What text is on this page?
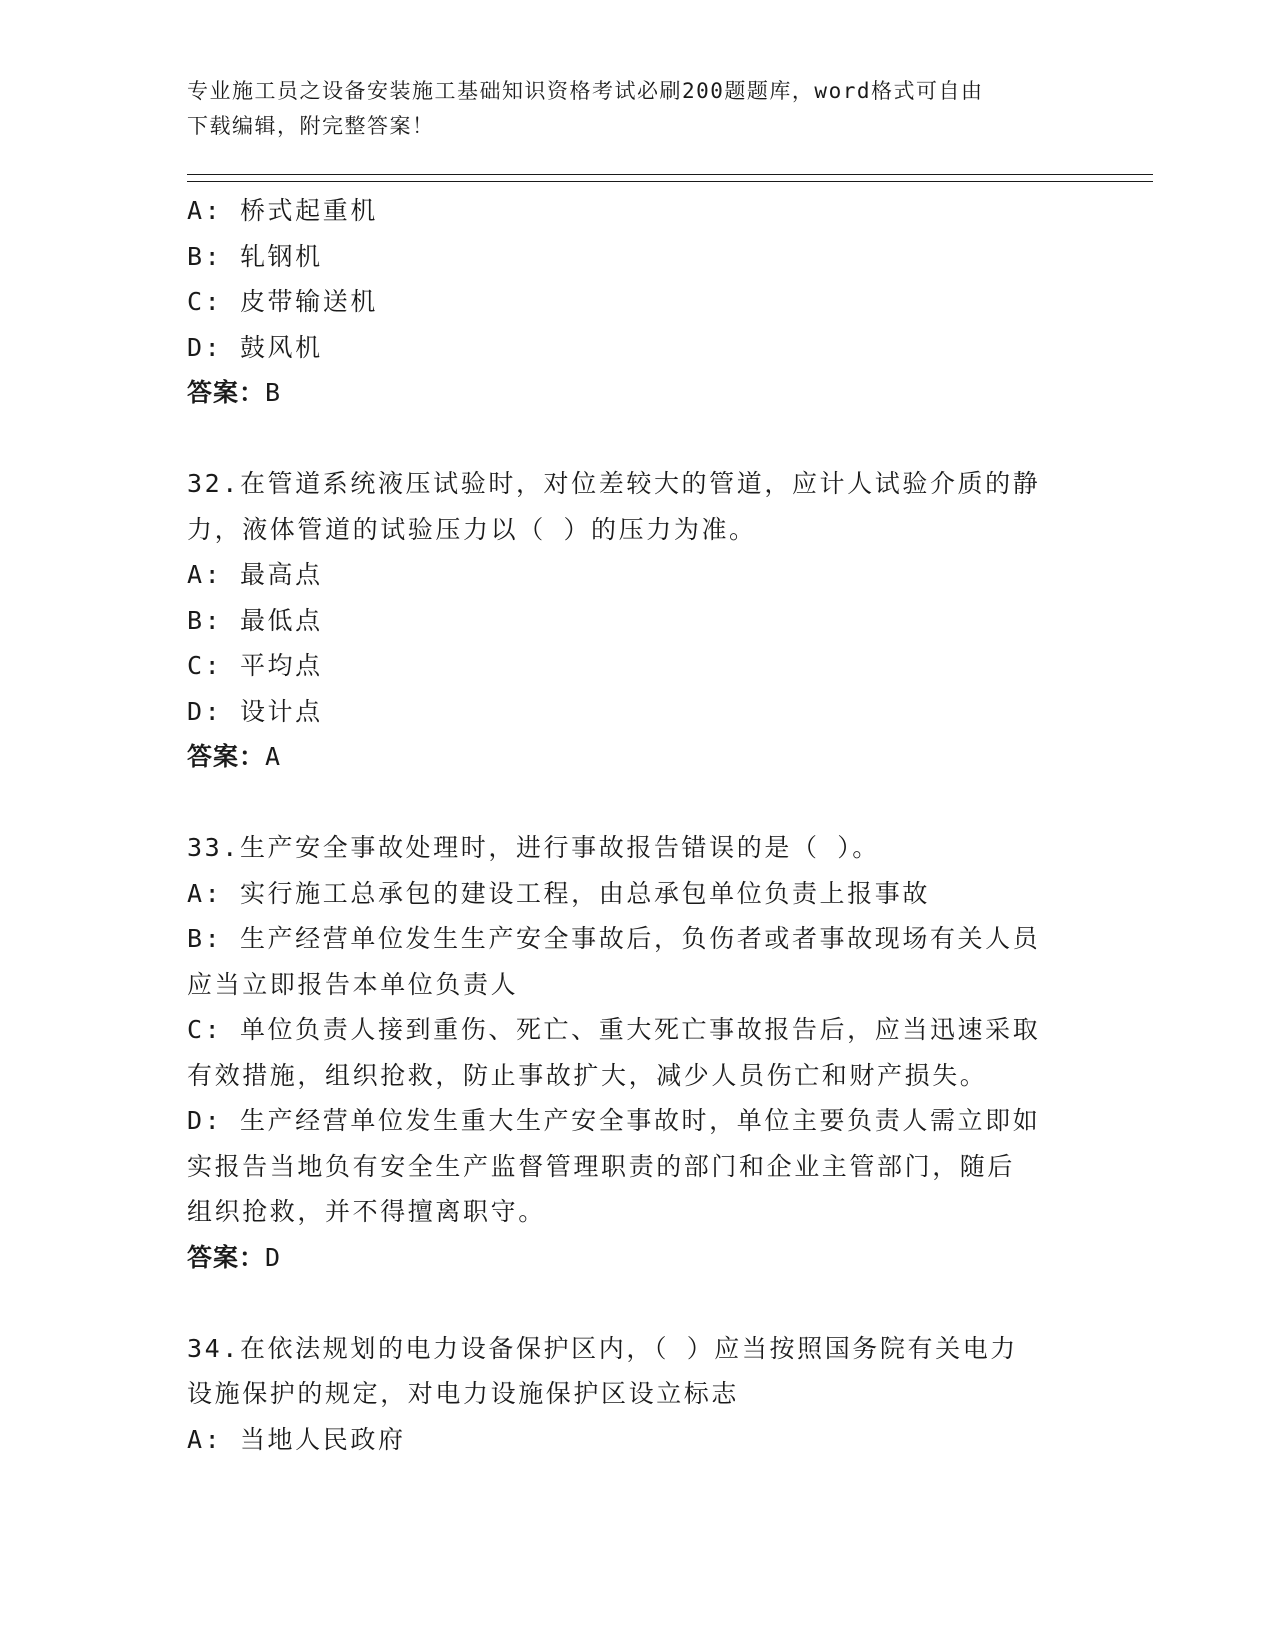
专业施工员之设备安装施工基础知识资格考试必刷200题题库，word格式可自由
下载编辑，附完整答案！
A: 桥式起重机
B: 轧钢机
C: 皮带输送机
D: 鼓风机
答案：B
32.在管道系统液压试验时，对位差较大的管道，应计人试验介质的静
力，液体管道的试验压力以（ ）的压力为准。
A: 最高点
B: 最低点
C: 平均点
D: 设计点
答案：A
33.生产安全事故处理时，进行事故报告错误的是（ ）。
A: 实行施工总承包的建设工程，由总承包单位负责上报事故
B: 生产经营单位发生生产安全事故后，负伤者或者事故现场有关人员
应当立即报告本单位负责人
C: 单位负责人接到重伤、死亡、重大死亡事故报告后，应当迅速采取
有效措施，组织抢救，防止事故扩大，减少人员伤亡和财产损失。
D: 生产经营单位发生重大生产安全事故时，单位主要负责人需立即如
实报告当地负有安全生产监督管理职责的部门和企业主管部门，随后
组织抢救，并不得擅离职守。
答案：D
34.在依法规划的电力设备保护区内，（ ）应当按照国务院有关电力
设施保护的规定，对电力设施保护区设立标志
A: 当地人民政府
